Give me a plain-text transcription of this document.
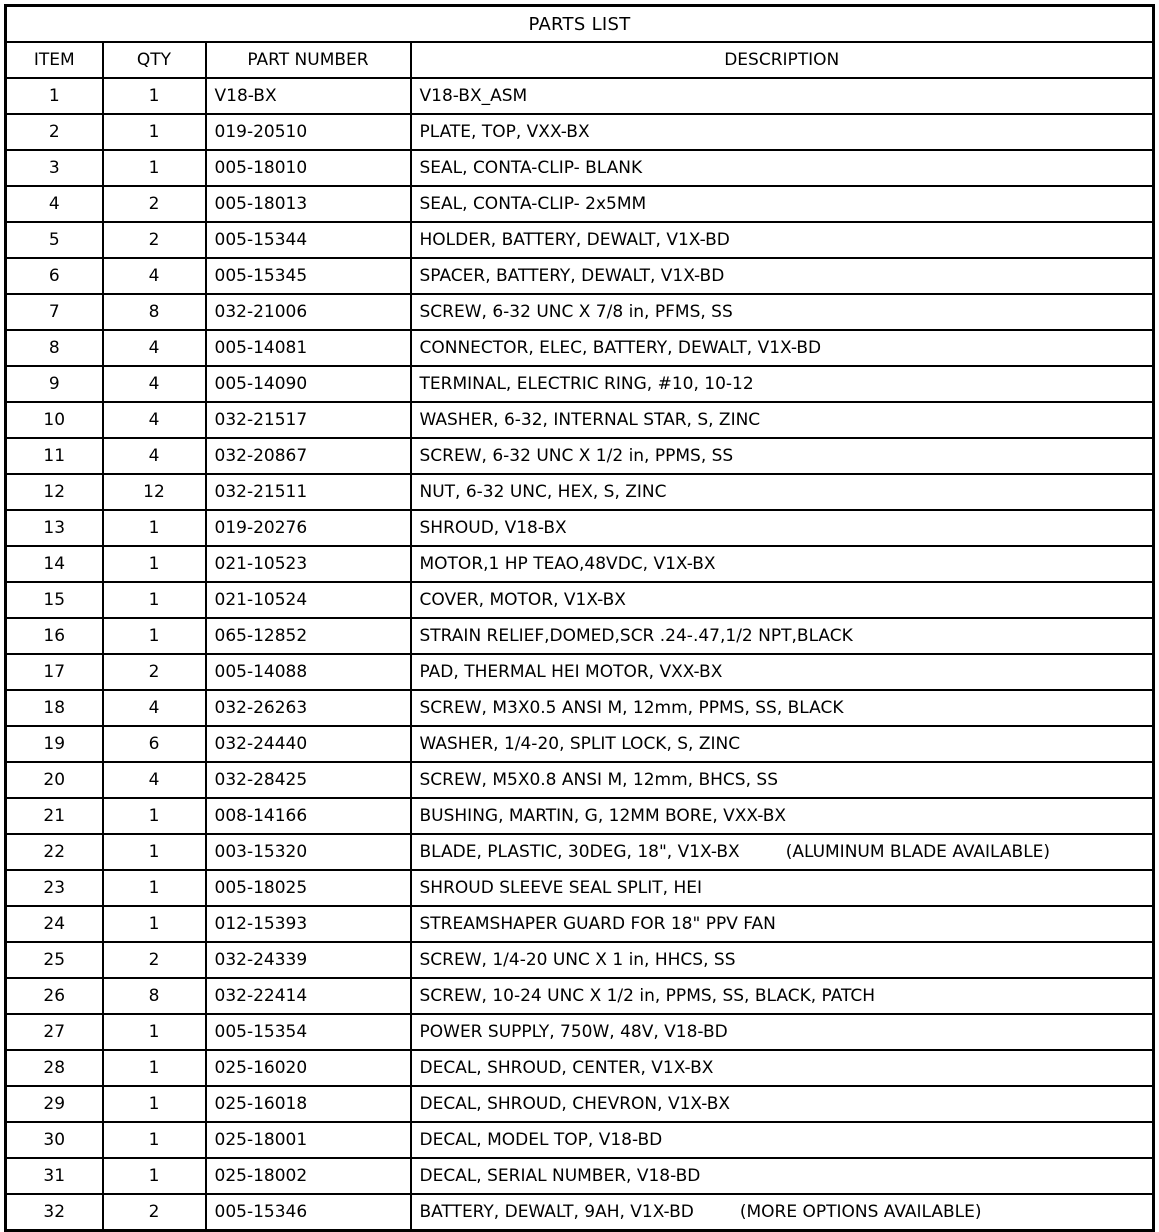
PARTS LIST			
ITEM	QTY	PART NUMBER	DESCRIPTION
1	1	V18-BX	V18-BX_ASM
2	1	019-20510	PLATE, TOP, VXX-BX
3	1	005-18010	SEAL, CONTA-CLIP- BLANK
4	2	005-18013	SEAL, CONTA-CLIP- 2x5MM
5	2	005-15344	HOLDER, BATTERY, DEWALT, V1X-BD
6	4	005-15345	SPACER, BATTERY, DEWALT, V1X-BD
7	8	032-21006	SCREW, 6-32 UNC X 7/8 in, PFMS, SS
8	4	005-14081	CONNECTOR, ELEC, BATTERY, DEWALT, V1X-BD
9	4	005-14090	TERMINAL, ELECTRIC RING, #10, 10-12
10	4	032-21517	WASHER, 6-32, INTERNAL STAR, S, ZINC
11	4	032-20867	SCREW, 6-32 UNC X 1/2 in, PPMS, SS
12	12	032-21511	NUT, 6-32 UNC, HEX, S, ZINC
13	1	019-20276	SHROUD, V18-BX
14	1	021-10523	MOTOR,1 HP TEAO,48VDC, V1X-BX
15	1	021-10524	COVER, MOTOR, V1X-BX
16	1	065-12852	STRAIN RELIEF,DOMED,SCR .24-.47,1/2 NPT,BLACK
17	2	005-14088	PAD, THERMAL HEI MOTOR, VXX-BX
18	4	032-26263	SCREW, M3X0.5 ANSI M, 12mm, PPMS, SS, BLACK
19	6	032-24440	WASHER, 1/4-20, SPLIT LOCK, S, ZINC
20	4	032-28425	SCREW, M5X0.8 ANSI M, 12mm, BHCS, SS
21	1	008-14166	BUSHING, MARTIN, G, 12MM BORE, VXX-BX
22	1	003-15320	BLADE, PLASTIC, 30DEG, 18", V1X-BX (ALUMINUM BLADE AVAILABLE)
23	1	005-18025	SHROUD SLEEVE SEAL SPLIT, HEI
24	1	012-15393	STREAMSHAPER GUARD FOR 18" PPV FAN
25	2	032-24339	SCREW, 1/4-20 UNC X 1 in, HHCS, SS
26	8	032-22414	SCREW, 10-24 UNC X 1/2 in, PPMS, SS, BLACK, PATCH
27	1	005-15354	POWER SUPPLY, 750W, 48V, V18-BD
28	1	025-16020	DECAL, SHROUD, CENTER, V1X-BX
29	1	025-16018	DECAL, SHROUD, CHEVRON, V1X-BX
30	1	025-18001	DECAL, MODEL TOP, V18-BD
31	1	025-18002	DECAL, SERIAL NUMBER, V18-BD
32	2	005-15346	BATTERY, DEWALT, 9AH, V1X-BD (MORE OPTIONS AVAILABLE)
